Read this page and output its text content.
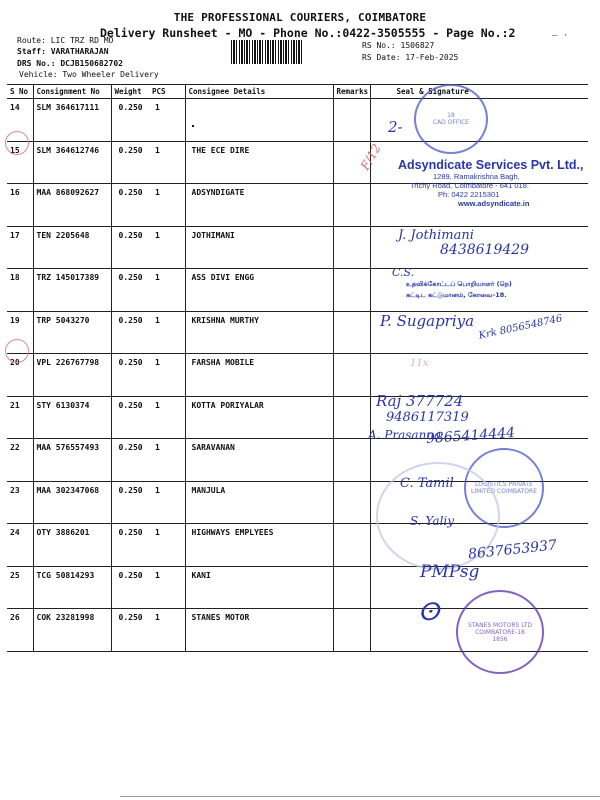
THE PROFESSIONAL COURIERS, COIMBATORE
Delivery Runsheet - MO - Phone No.:0422-3505555 - Page No.:2	— ·
Route: LIC TRZ RD MO
Staff: VARATHARAJAN
DRS No.: DCJB150682702
Vehicle: Two Wheeler Delivery
RS No.: 1506827
RS Date: 17-Feb-2025
S No	Consignment No	Weight	PCS	Consignee Details	Remarks	Seal & Signature
14	SLM 364617111	0.250	1			
15	SLM 364612746	0.250	1	THE ECE DIRE		
16	MAA 868092627	0.250	1	ADSYNDIGATE		
17	TEN 2205648	0.250	1	JOTHIMANI		
18	TRZ 145017389	0.250	1	ASS DIVI ENGG		
19	TRP 5043270	0.250	1	KRISHNA MURTHY		
20	VPL 226767798	0.250	1	FARSHA MOBILE		
21	STY 6130374	0.250	1	KOTTA PORIYALAR		
22	MAA 576557493	0.250	1	SARAVANAN		
23	MAA 302347068	0.250	1	MANJULA		
24	OTY 3886201	0.250	1	HIGHWAYS EMPLYEES		
25	TCG 50814293	0.250	1	KANI		
26	COK 23281998	0.250	1	STANES MOTOR		
F/12
18
CAD OFFICE
2-
Adsyndicate Services Pvt. Ltd.,
1289, Ramakrishna Bagh,
Trichy Road, Coimbatore - 641 018.
Ph: 0422 2215301
www.adsyndicate.in
J. Jothimani
8438619429
C.S.
உதவிக்கோட்டப் பொறியாளர் (நெ)
கட்டிட கட்டுமானம், கோவை-18.
P. Sugapriya Krk 8056548746
11x
Raj 377724
9486117319
A. Prasanna
9865414444
LOGISTICS PRIVATE LIMITED COIMBATORE
C. Tamil
S. Yaliy
8637653937
PMPsg
STANES MOTORS LTD COIMBATORE-18
1856
ⵙ
